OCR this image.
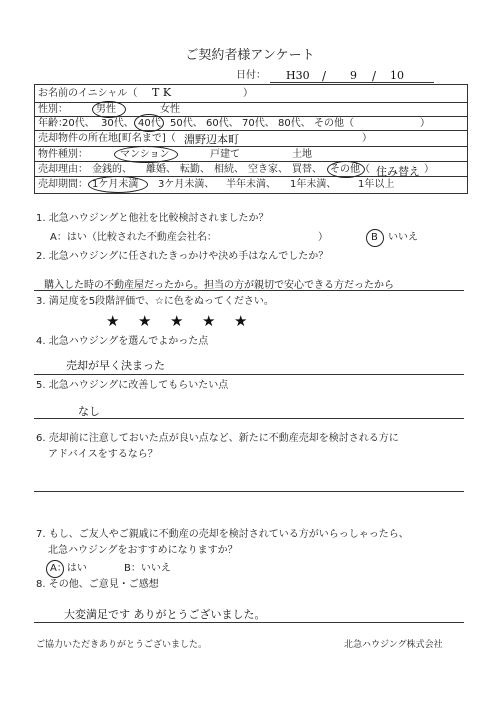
ご契約者様アンケート
日付： H30 / 9 / 10
お名前のイニシャル（ T K	）
性別：	男性	女性
年齢：
20代、 30代、 40代 50代、 60代、 70代、 80代、 その他（	）
売却物件の所在地[町名まで]（ 淵野辺本町	）
物件種別：	マンション	戸建て	土地
売却理由： 金銭的、 離婚、 転勤、 相続、 空き家、 買替、 その他（ 住み替え ）
売却期間： 1ケ月未満 3ケ月未満、 半年未満、 1年未満、 1年以上
1. 北急ハウジングと他社を比較検討されましたか？
A：はい（比較された不動産会社名：	）	B いいえ
2. 北急ハウジングに任されたきっかけや決め手はなんでしたか？
購入した時の不動産屋だったから。担当の方が親切で安心できる方だったから
3. 満足度を5段階評価で、☆に色をぬってください。
★ ★ ★ ★ ★
4. 北急ハウジングを選んでよかった点
売却が早く決まった
5. 北急ハウジングに改善してもらいたい点
なし
6. 売却前に注意しておいた点が良い点など、新たに不動産売却を検討される方に
アドバイスをするなら？
7. もし、ご友人やご親戚に不動産の売却を検討されている方がいらっしゃったら、
北急ハウジングをおすすめになりますか？
A：はい	B：いいえ
8. その他、ご意見・ご感想
大変満足です ありがとうございました。
ご協力いただきありがとうございました。	北急ハウジング株式会社
